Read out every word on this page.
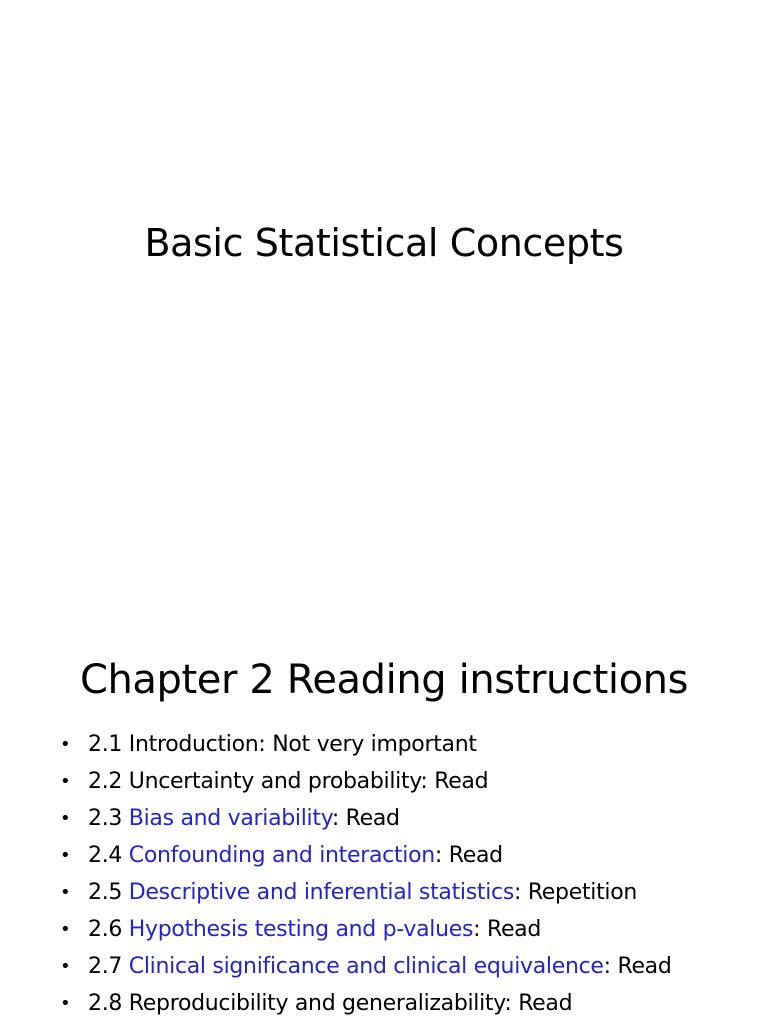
Basic Statistical Concepts
Chapter 2 Reading instructions
• 2.1 Introduction: Not very important
• 2.2 Uncertainty and probability: Read
• 2.3 Bias and variability: Read
• 2.4 Confounding and interaction: Read
• 2.5 Descriptive and inferential statistics: Repetition
• 2.6 Hypothesis testing and p-values: Read
• 2.7 Clinical significance and clinical equivalence: Read
• 2.8 Reproducibility and generalizability: Read
